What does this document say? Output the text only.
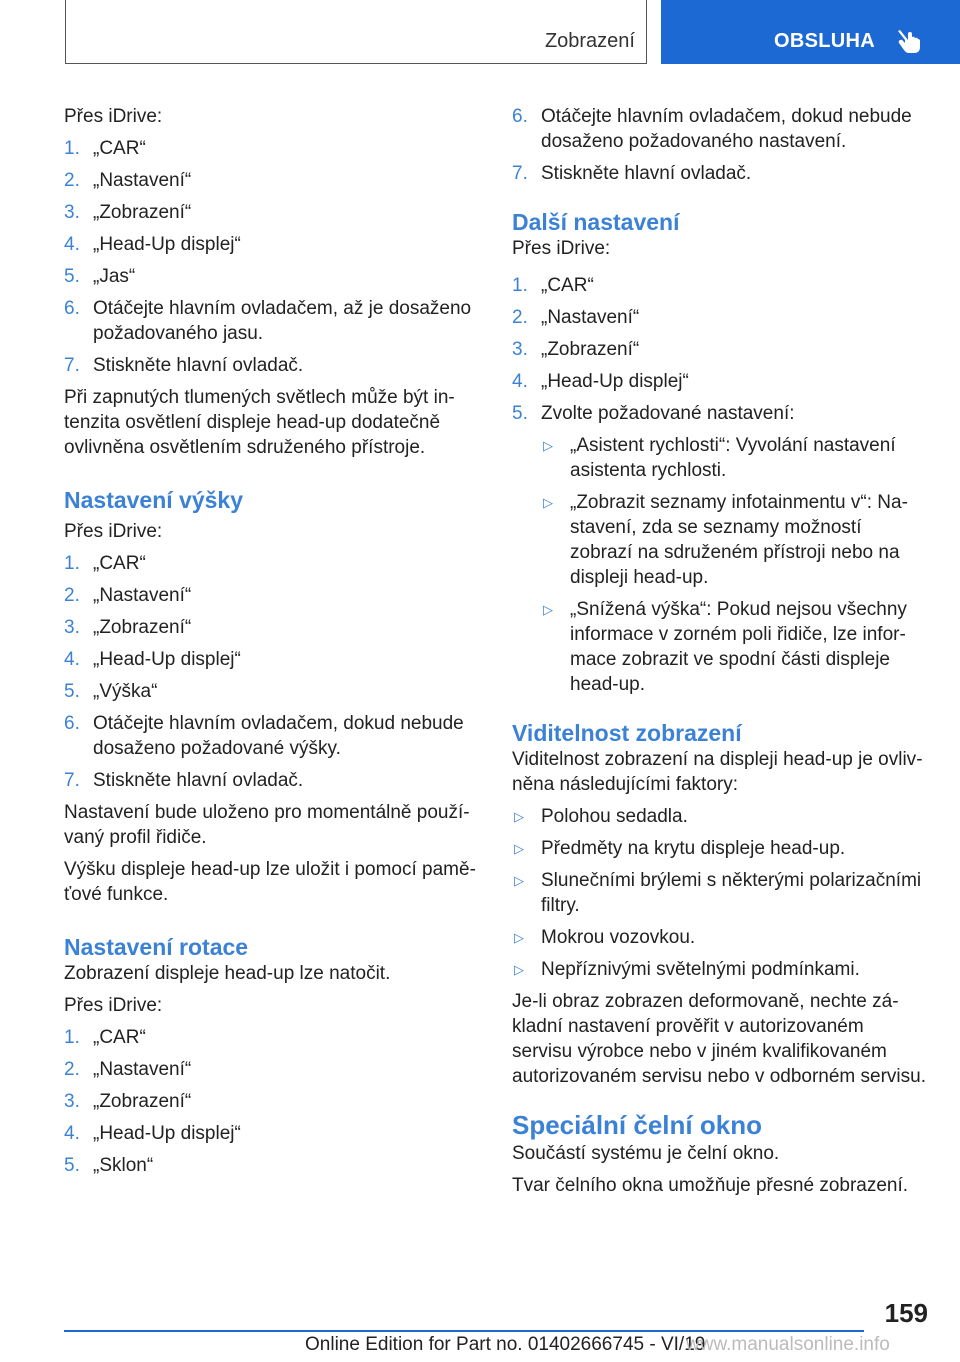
Zobrazení	OBSLUHA

Přes iDrive:

1. „CAR“
2. „Nastavení“
3. „Zobrazení“
4. „Head-Up displej“
5. „Jas“
6. Otáčejte hlavním ovladačem, až je dosaženo požadovaného jasu.
7. Stiskněte hlavní ovladač.

Při zapnutých tlumených světlech může být intenzita osvětlení displeje head-up dodatečně ovlivněna osvětlením sdruženého přístroje.

Nastavení výšky

Přes iDrive:

1. „CAR“
2. „Nastavení“
3. „Zobrazení“
4. „Head-Up displej“
5. „Výška“
6. Otáčejte hlavním ovladačem, dokud nebude dosaženo požadované výšky.
7. Stiskněte hlavní ovladač.

Nastavení bude uloženo pro momentálně používaný profil řidiče.

Výšku displeje head-up lze uložit i pomocí paměťové funkce.

Nastavení rotace

Zobrazení displeje head-up lze natočit.

Přes iDrive:

1. „CAR“
2. „Nastavení“
3. „Zobrazení“
4. „Head-Up displej“
5. „Sklon“
6. Otáčejte hlavním ovladačem, dokud nebude dosaženo požadovaného nastavení.
7. Stiskněte hlavní ovladač.
Další nastavení

Přes iDrive:

1. „CAR“
2. „Nastavení“
3. „Zobrazení“
4. „Head-Up displej“
5. Zvolte požadované nastavení:
▷ „Asistent rychlosti“: Vyvolání nastavení asistenta rychlosti.
▷ „Zobrazit seznamy infotainmentu v“: Nastavení, zda se seznamy možností zobrazí na sdruženém přístroji nebo na displeji head-up.
▷ „Snížená výška“: Pokud nejsou všechny informace v zorném poli řidiče, lze informace zobrazit ve spodní části displeje head-up.
Viditelnost zobrazení

Viditelnost zobrazení na displeji head-up je ovlivněna následujícími faktory:

▷ Polohou sedadla.
▷ Předměty na krytu displeje head-up.
▷ Slunečními brýlemi s některými polarizačními filtry.
▷ Mokrou vozovkou.
▷ Nepříznivými světelnými podmínkami.

Je-li obraz zobrazen deformovaně, nechte základní nastavení prověřit v autorizovaném servisu výrobce nebo v jiném kvalifikovaném autorizovaném servisu nebo v odborném servisu.

Speciální čelní okno

Součástí systému je čelní okno.

Tvar čelního okna umožňuje přesné zobrazení.

159
Online Edition for Part no. 01402666745 - VI/19
www.manualsonline.info
